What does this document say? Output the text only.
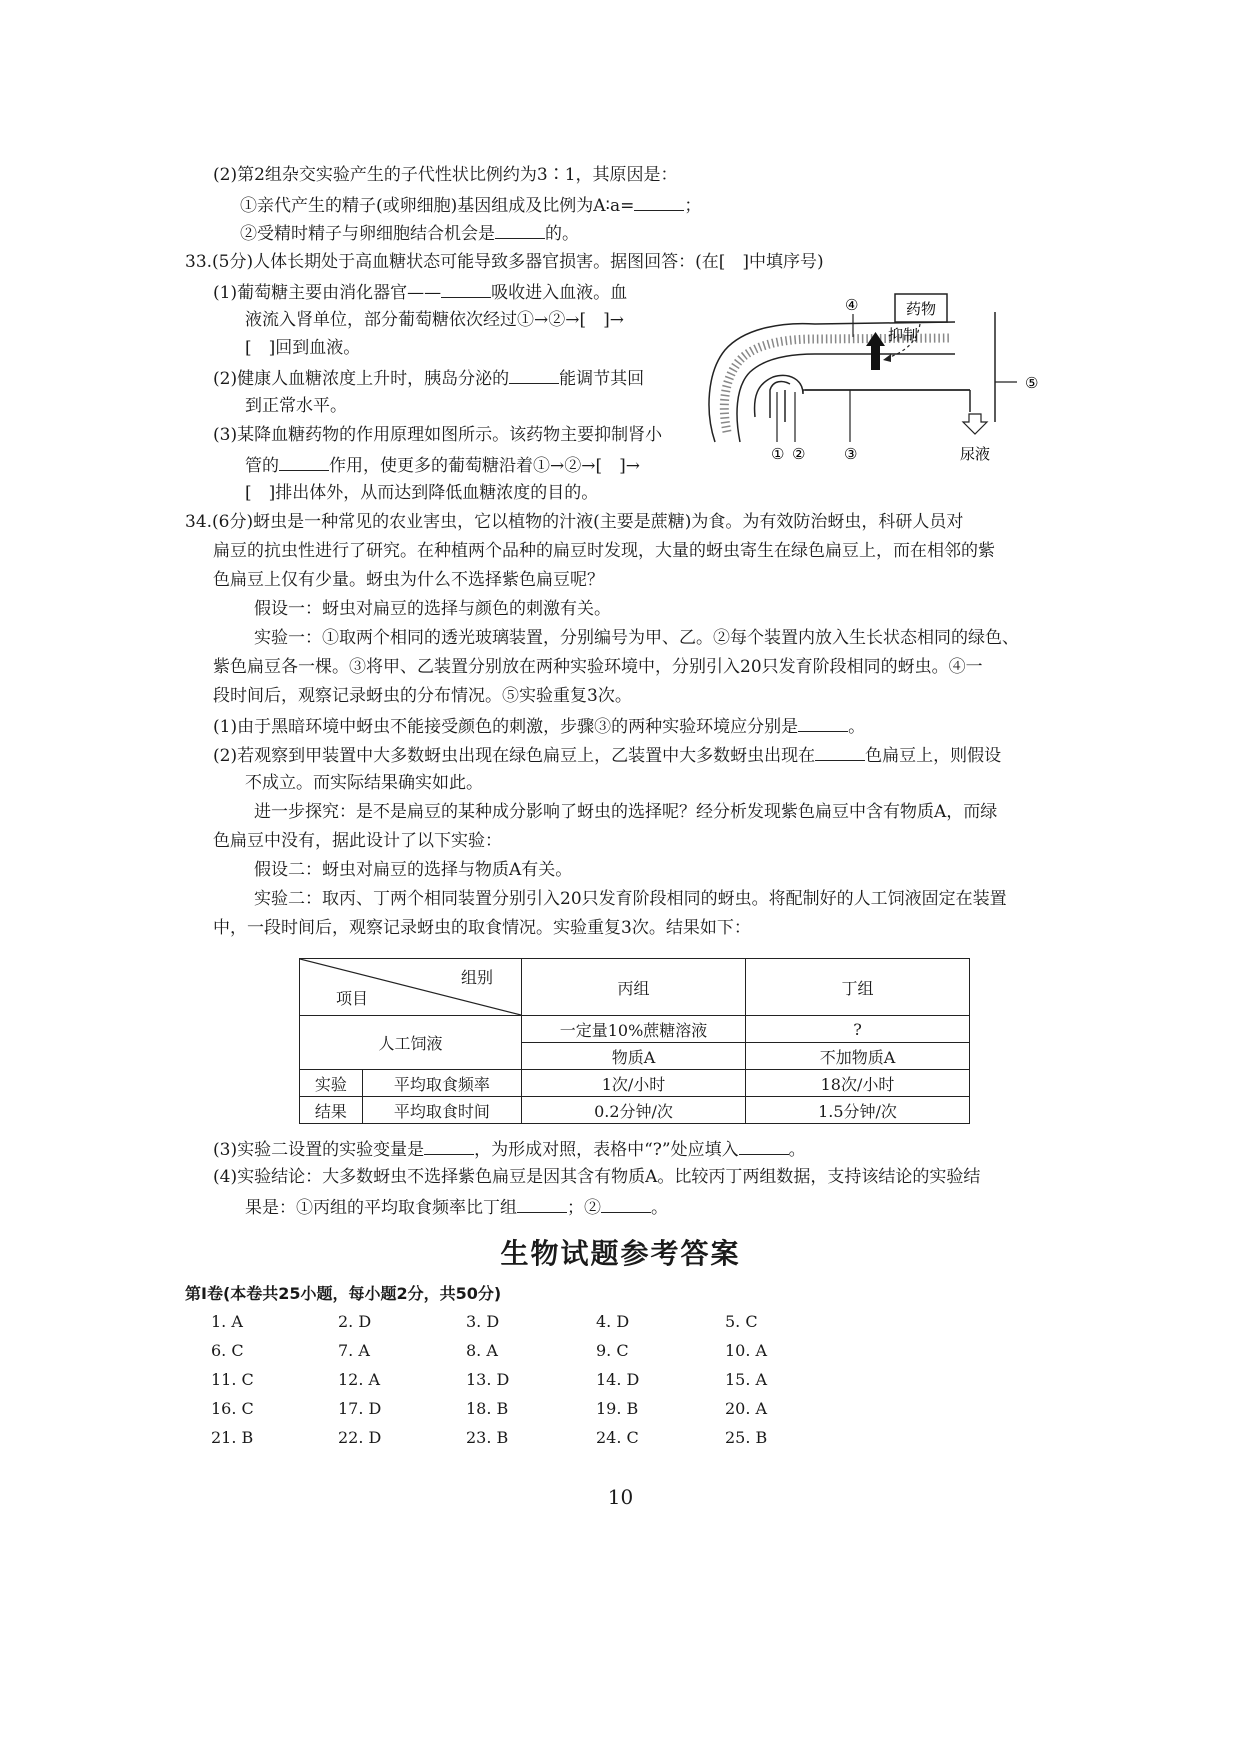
(2)第2组杂交实验产生的子代性状比例约为3∶1，其原因是：
①亲代产生的精子(或卵细胞)基因组成及比例为A∶a=	；
②受精时精子与卵细胞结合机会是	的。
33.(5分)人体长期处于高血糖状态可能导致多器官损害。据图回答：(在[　]中填序号)
(1)葡萄糖主要由消化器官——	吸收进入血液。血
液流入肾单位，部分葡萄糖依次经过①→②→[　]→
[　]回到血液。
(2)健康人血糖浓度上升时，胰岛分泌的	能调节其回
到正常水平。
(3)某降血糖药物的作用原理如图所示。该药物主要抑制肾小
管的	作用，使更多的葡萄糖沿着①→②→[　]→
[　]排出体外，从而达到降低血糖浓度的目的。
药物
抑制
④
⑤
① ②	③	尿液
34.(6分)蚜虫是一种常见的农业害虫，它以植物的汁液(主要是蔗糖)为食。为有效防治蚜虫，科研人员对
扁豆的抗虫性进行了研究。在种植两个品种的扁豆时发现，大量的蚜虫寄生在绿色扁豆上，而在相邻的紫
色扁豆上仅有少量。蚜虫为什么不选择紫色扁豆呢？
假设一：蚜虫对扁豆的选择与颜色的刺激有关。
实验一：①取两个相同的透光玻璃装置，分别编号为甲、乙。②每个装置内放入生长状态相同的绿色、
紫色扁豆各一棵。③将甲、乙装置分别放在两种实验环境中，分别引入20只发育阶段相同的蚜虫。④一
段时间后，观察记录蚜虫的分布情况。⑤实验重复3次。
(1)由于黑暗环境中蚜虫不能接受颜色的刺激，步骤③的两种实验环境应分别是	。
(2)若观察到甲装置中大多数蚜虫出现在绿色扁豆上，乙装置中大多数蚜虫出现在	色扁豆上，则假设
不成立。而实际结果确实如此。
进一步探究：是不是扁豆的某种成分影响了蚜虫的选择呢？经分析发现紫色扁豆中含有物质A，而绿
色扁豆中没有，据此设计了以下实验：
假设二：蚜虫对扁豆的选择与物质A有关。
实验二：取丙、丁两个相同装置分别引入20只发育阶段相同的蚜虫。将配制好的人工饲液固定在装置
中，一段时间后，观察记录蚜虫的取食情况。实验重复3次。结果如下：
组别
项目		丙组	丁组
人工饲液		一定量10%蔗糖溶液	?
		物质A	不加物质A
实验	平均取食频率	1次/小时	18次/小时
结果	平均取食时间	0.2分钟/次	1.5分钟/次
(3)实验二设置的实验变量是	，为形成对照，表格中“?”处应填入	。
(4)实验结论：大多数蚜虫不选择紫色扁豆是因其含有物质A。比较丙丁两组数据，支持该结论的实验结
果是：①丙组的平均取食频率比丁组	；②	。
生物试题参考答案
第Ⅰ卷(本卷共25小题，每小题2分，共50分)
1. A	2. D	3. D	4. D	5. C
6. C	7. A	8. A	9. C	10. A
11. C	12. A	13. D	14. D	15. A
16. C	17. D	18. B	19. B	20. A
21. B	22. D	23. B	24. C	25. B
10
